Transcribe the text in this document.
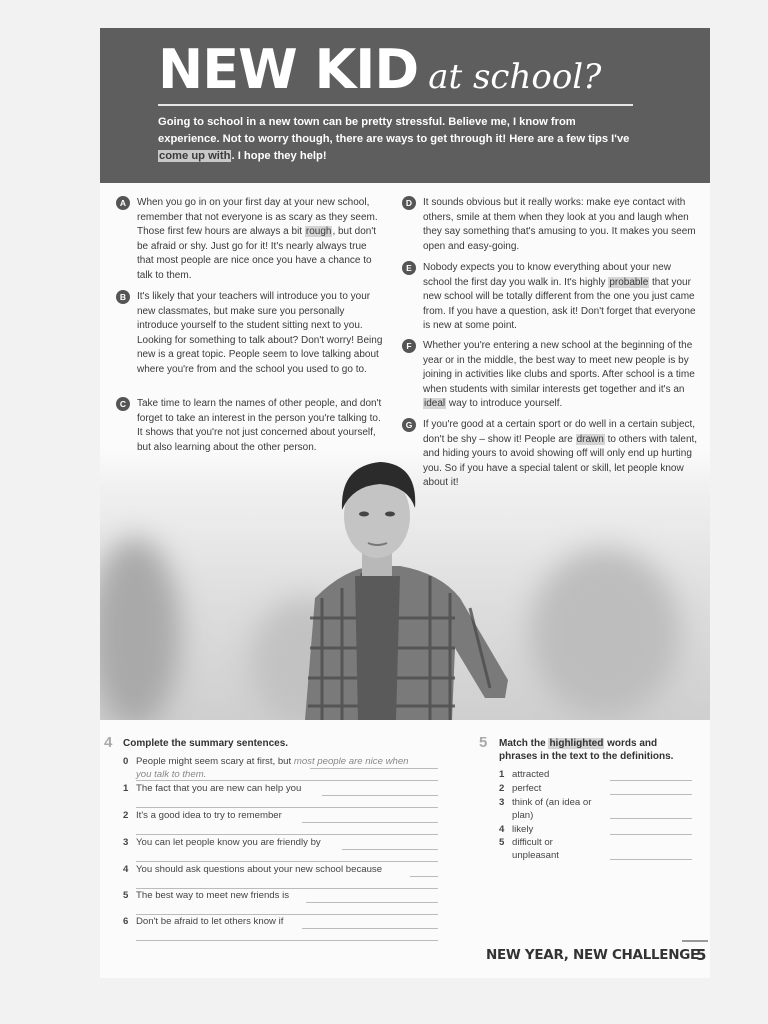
NEW KID at school?
Going to school in a new town can be pretty stressful. Believe me, I know from experience. Not to worry though, there are ways to get through it! Here are a few tips I've come up with. I hope they help!
A	When you go in on your first day at your new school, remember that not everyone is as scary as they seem. Those first few hours are always a bit rough, but don't be afraid or shy. Just go for it! It's nearly always true that most people are nice once you have a chance to talk to them.
B	It's likely that your teachers will introduce you to your new classmates, but make sure you personally introduce yourself to the student sitting next to you. Looking for something to talk about? Don't worry! Being new is a great topic. People seem to love talking about where you're from and the school you used to go to.
C	Take time to learn the names of other people, and don't forget to take an interest in the person you're talking to. It shows that you're not just concerned about yourself, but also learning about the other person.
D	It sounds obvious but it really works: make eye contact with others, smile at them when they look at you and laugh when they say something that's amusing to you. It makes you seem open and easy-going.
E	Nobody expects you to know everything about your new school the first day you walk in. It's highly probable that your new school will be totally different from the one you just came from. If you have a question, ask it! Don't forget that everyone is new at some point.
F	Whether you're entering a new school at the beginning of the year or in the middle, the best way to meet new people is by joining in activities like clubs and sports. After school is a time when students with similar interests get together and it's an ideal way to introduce yourself.
G	If you're good at a certain sport or do well in a certain subject, don't be shy – show it! People are drawn to others with talent, and hiding yours to avoid showing off will only end up hurting you. So if you have a special talent or skill, let people know about it!
4 Complete the summary sentences.
0 People might seem scary at first, but most people are nice when
you talk to them.
1 The fact that you are new can help you
2 It's a good idea to try to remember
3 You can let people know you are friendly by
4 You should ask questions about your new school because
5 The best way to meet new friends is
6 Don't be afraid to let others know if
5 Match the highlighted words and phrases in the text to the definitions.
1 attracted
2 perfect
3 think of (an idea or plan)
4 likely
5 difficult or unpleasant
NEW YEAR, NEW CHALLENGE
5
